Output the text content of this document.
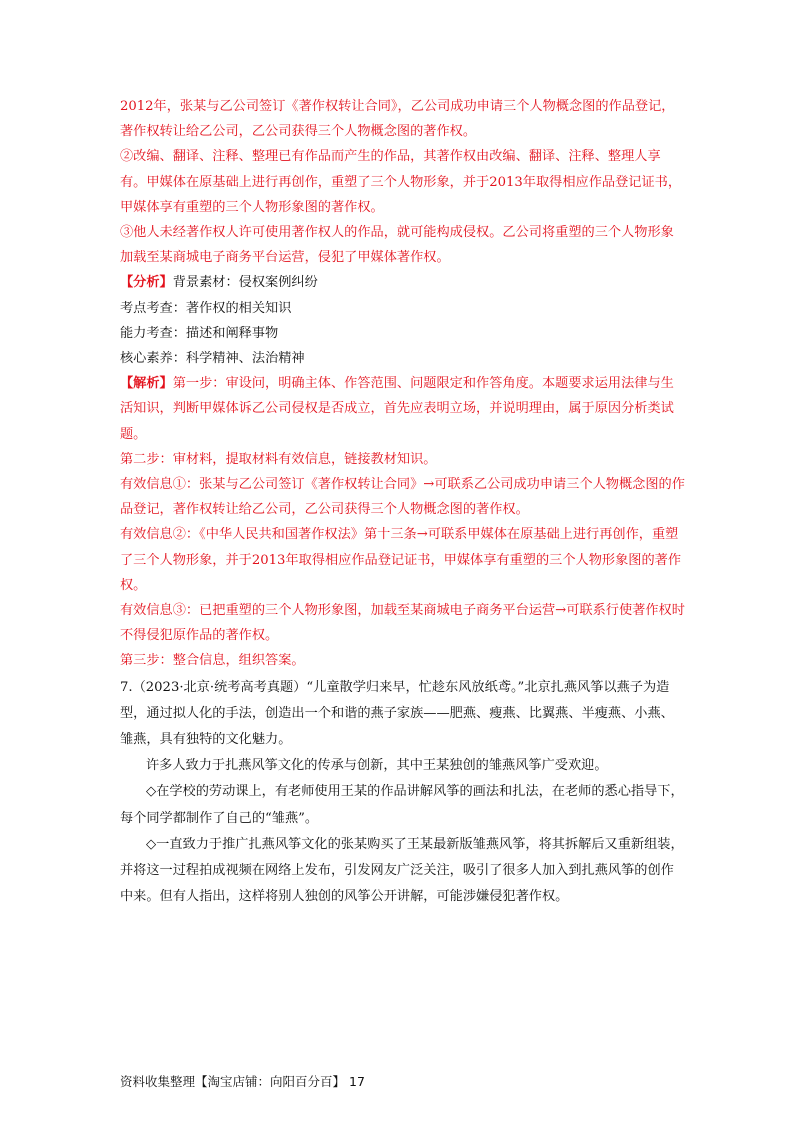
2012年，张某与乙公司签订《著作权转让合同》，乙公司成功申请三个人物概念图的作品登记，著作权转让给乙公司，乙公司获得三个人物概念图的著作权。

②改编、翻译、注释、整理已有作品而产生的作品，其著作权由改编、翻译、注释、整理人享有。甲媒体在原基础上进行再创作，重塑了三个人物形象，并于2013年取得相应作品登记证书，甲媒体享有重塑的三个人物形象图的著作权。

③他人未经著作权人许可使用著作权人的作品，就可能构成侵权。乙公司将重塑的三个人物形象加载至某商城电子商务平台运营，侵犯了甲媒体著作权。

【分析】背景素材：侵权案例纠纷

考点考查：著作权的相关知识

能力考查：描述和阐释事物

核心素养：科学精神、法治精神

【解析】第一步：审设问，明确主体、作答范围、问题限定和作答角度。本题要求运用法律与生活知识，判断甲媒体诉乙公司侵权是否成立，首先应表明立场，并说明理由，属于原因分析类试题。

第二步：审材料，提取材料有效信息，链接教材知识。

有效信息①：张某与乙公司签订《著作权转让合同》→可联系乙公司成功申请三个人物概念图的作品登记，著作权转让给乙公司，乙公司获得三个人物概念图的著作权。

有效信息②：《中华人民共和国著作权法》第十三条→可联系甲媒体在原基础上进行再创作，重塑了三个人物形象，并于2013年取得相应作品登记证书，甲媒体享有重塑的三个人物形象图的著作权。

有效信息③：已把重塑的三个人物形象图，加载至某商城电子商务平台运营→可联系行使著作权时不得侵犯原作品的著作权。

第三步：整合信息，组织答案。

7.（2023·北京·统考高考真题）“儿童散学归来早，忙趁东风放纸鸢。”北京扎燕风筝以燕子为造型，通过拟人化的手法，创造出一个和谐的燕子家族——肥燕、瘦燕、比翼燕、半瘦燕、小燕、雏燕，具有独特的文化魅力。

许多人致力于扎燕风筝文化的传承与创新，其中王某独创的雏燕风筝广受欢迎。

◇在学校的劳动课上，有老师使用王某的作品讲解风筝的画法和扎法，在老师的悉心指导下，每个同学都制作了自己的“雏燕”。

◇一直致力于推广扎燕风筝文化的张某购买了王某最新版雏燕风筝，将其拆解后又重新组装，并将这一过程拍成视频在网络上发布，引发网友广泛关注，吸引了很多人加入到扎燕风筝的创作中来。但有人指出，这样将别人独创的风筝公开讲解，可能涉嫌侵犯著作权。

资料收集整理【淘宝店铺：向阳百分百】 17
